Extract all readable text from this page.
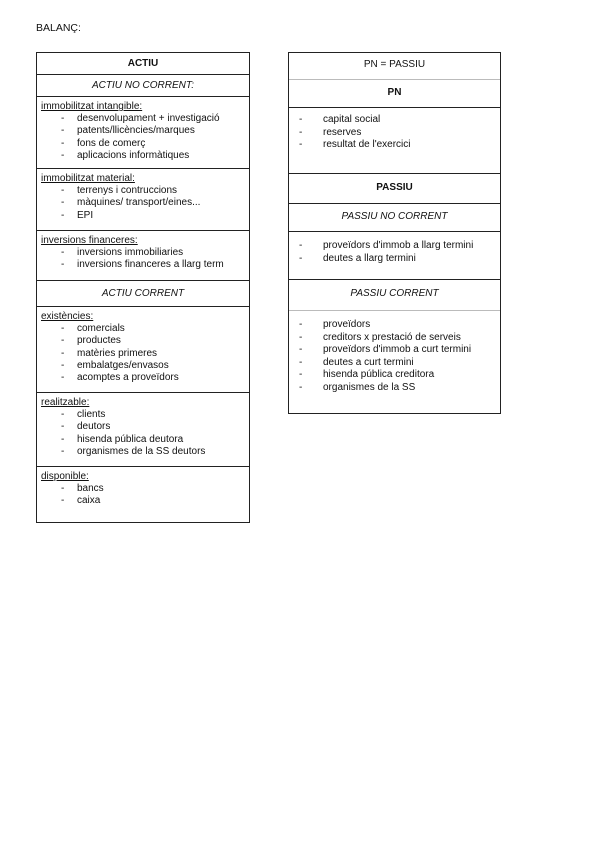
BALANÇ:
ACTIU
ACTIU NO CORRENT:
immobilitzat intangible:
- desenvolupament + investigació
- patents/llicències/marques
- fons de comerç
- aplicacions informàtiques
immobilitzat material:
- terrenys i contruccions
- màquines/ transport/eines...
- EPI
inversions financeres:
- inversions immobiliaries
- inversions financeres a llarg term
ACTIU CORRENT
existències:
- comercials
- productes
- matèries primeres
- embalatges/envasos
- acomptes a proveïdors
realitzable:
- clients
- deutors
- hisenda pública deutora
- organismes de la SS deutors
disponible:
- bancs
- caixa
PN = PASSIU
PN
- capital social
- reserves
- resultat de l'exercici
PASSIU
PASSIU NO CORRENT
- proveïdors d'immob a llarg termini
- deutes a llarg termini
PASSIU CORRENT
- proveïdors
- creditors x prestació de serveis
- proveïdors d'immob a curt termini
- deutes a curt termini
- hisenda pública creditora
- organismes de la SS
